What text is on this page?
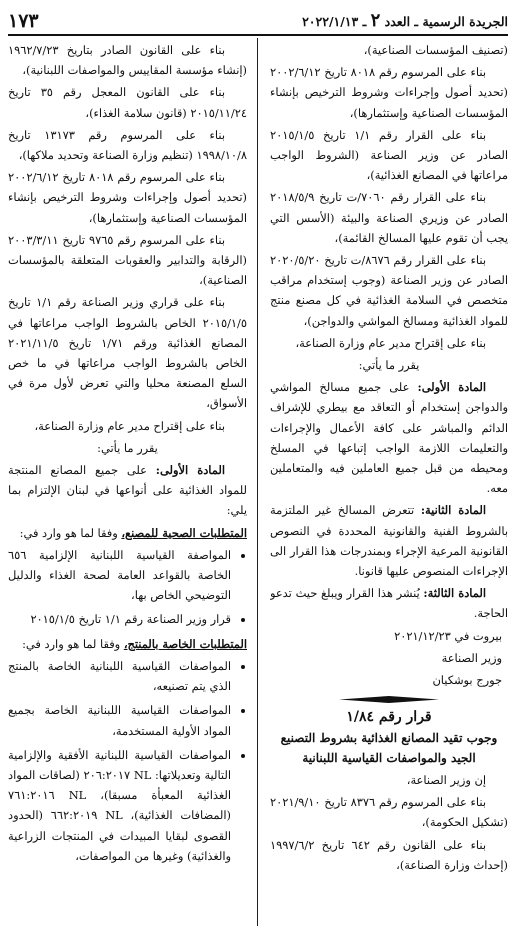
الجريدة الرسمية ـ العدد ٢ ـ ٢٠٢٢/١/١٣
١٧٣

(تصنيف المؤسسات الصناعية)،

بناء على المرسوم رقم ٨٠١٨ تاريخ ٢٠٠٢/٦/١٢ (تحديد أصول وإجراءات وشروط الترخيص بإنشاء المؤسسات الصناعية وإستثمارها)،

بناء على القرار رقم ١/١ تاريخ ٢٠١٥/١/٥ الصادر عن وزير الصناعة (الشروط الواجب مراعاتها في المصانع الغذائية)،

بناء على القرار رقم ٧٠٦٠/ت تاريخ ٢٠١٨/٥/٩ الصادر عن وزيري الصناعة والبيئة (الأسس التي يجب أن تقوم عليها المسالخ القائمة)،

بناء على القرار رقم ٨٦٧٦/ت تاريخ ٢٠٢٠/٥/٢٠ الصادر عن وزير الصناعة (وجوب إستخدام مراقب متخصص في السلامة الغذائية في كل مصنع منتج للمواد الغذائية ومسالخ المواشي والدواجن)،

بناء على إقتراح مدير عام وزارة الصناعة،

يقرر ما يأتي:

المادة الأولى: على جميع مسالخ المواشي والدواجن إستخدام أو التعاقد مع بيطري للإشراف الدائم والمباشر على كافة الأعمال والإجراءات والتعليمات اللازمة الواجب إتباعها في المسلخ ومحيطه من قبل جميع العاملين فيه والمتعاملين معه.

المادة الثانية: تتعرض المسالخ غير الملتزمة بالشروط الفنية والقانونية المحددة في النصوص القانونية المرعية الإجراء وبمندرجات هذا القرار الى الإجراءات المنصوص عليها قانونا.

المادة الثالثة: يُنشر هذا القرار ويبلغ حيث تدعو الحاجة.

بيروت في ٢٠٢١/١٢/٢٣

وزير الصناعة

جورج بوشكيان

قرار رقم ١/٨٤

وجوب تقيد المصانع الغذائية بشروط التصنيع الجيد والمواصفات القياسية اللبنانية

إن وزير الصناعة،

بناء على المرسوم رقم ٨٣٧٦ تاريخ ٢٠٢١/٩/١٠ (تشكيل الحكومة)،

بناء على القانون رقم ٦٤٢ تاريخ ١٩٩٧/٦/٢ (إحداث وزارة الصناعة)،

بناء على القانون الصادر بتاريخ ١٩٦٢/٧/٢٣ (إنشاء مؤسسة المقاييس والمواصفات اللبنانية)،

بناء على القانون المعجل رقم ٣٥ تاريخ ٢٠١٥/١١/٢٤ (قانون سلامة الغذاء)،

بناء على المرسوم رقم ١٣١٧٣ تاريخ ١٩٩٨/١٠/٨ (تنظيم وزارة الصناعة وتحديد ملاكها)،

بناء على المرسوم رقم ٨٠١٨ تاريخ ٢٠٠٢/٦/١٢ (تحديد أصول وإجراءات وشروط الترخيص بإنشاء المؤسسات الصناعية وإستثمارها)،

بناء على المرسوم رقم ٩٧٦٥ تاريخ ٢٠٠٣/٣/١١ (الرقابة والتدابير والعقوبات المتعلقة بالمؤسسات الصناعية)،

بناء على قراري وزير الصناعة رقم ١/١ تاريخ ٢٠١٥/١/٥ الخاص بالشروط الواجب مراعاتها في المصانع الغذائية ورقم ١/٧١ تاريخ ٢٠٢١/١١/٥ الخاص بالشروط الواجب مراعاتها في ما خص السلع المصنعة محليا والتي تعرض لأول مرة في الأسواق،

بناء على إقتراح مدير عام وزارة الصناعة،

يقرر ما يأتي:

المادة الأولى: على جميع المصانع المنتجة للمواد الغذائية على أنواعها في لبنان الإلتزام بما يلي:

المتطلبات الصحية للمصنع، وفقا لما هو وارد في:

• المواصفة القياسية اللبنانية الإلزامية ٦٥٦ الخاصة بالقواعد العامة لصحة الغذاء والدليل التوضيحي الخاص بها،
• قرار وزير الصناعة رقم ١/١ تاريخ ٢٠١٥/١/٥

المتطلبات الخاصة بالمنتج، وفقا لما هو وارد في:

• المواصفات القياسية اللبنانية الخاصة بالمنتج الذي يتم تصنيعه،
• المواصفات القياسية اللبنانية الخاصة بجميع المواد الأولية المستخدمة،
• المواصفات القياسية اللبنانية الأفقية والإلزامية التالية وتعديلاتها: NL ٢٠٦:٢٠١٧ (لصاقات المواد الغذائية المعبأة مسبقا)، NL ٧٦١:٢٠١٦ (المضافات الغذائية)، NL ٦٦٢:٢٠١٩ (الحدود القصوى لبقايا المبيدات في المنتجات الزراعية والغذائية) وغيرها من المواصفات،
